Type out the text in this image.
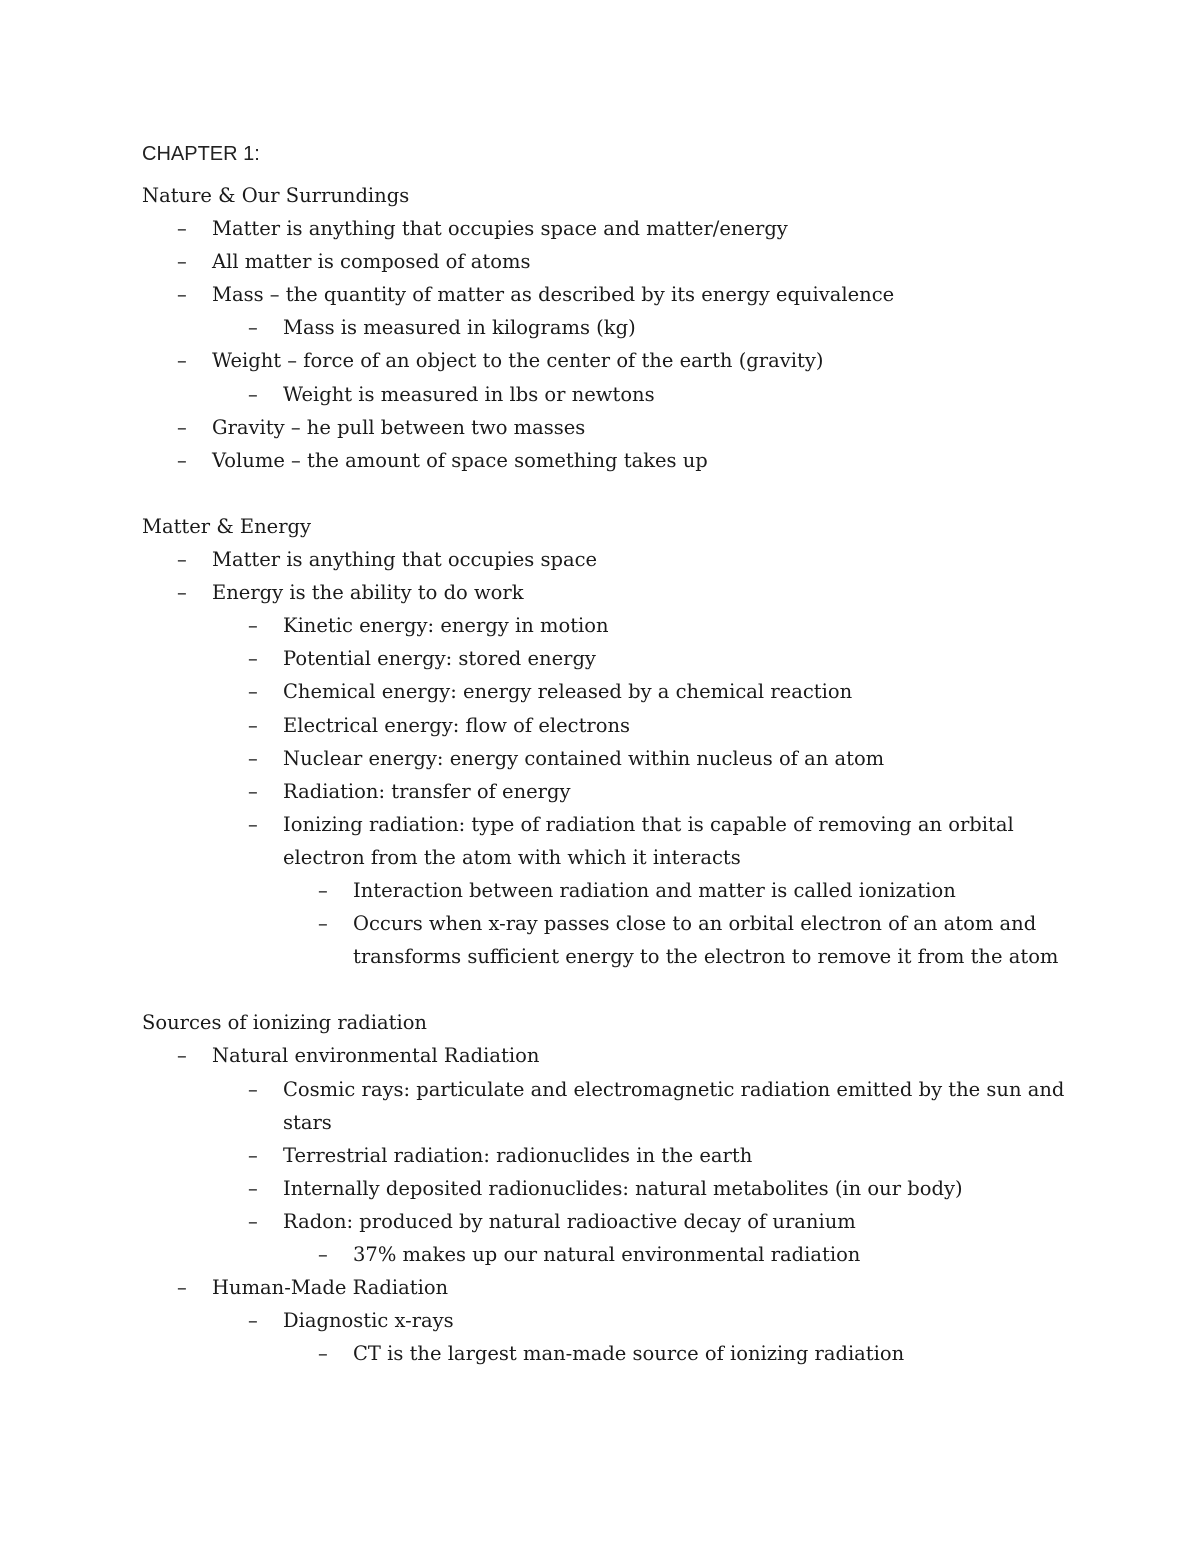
CHAPTER 1:
Nature & Our Surrundings
– Matter is anything that occupies space and matter/energy
– All matter is composed of atoms
– Mass – the quantity of matter as described by its energy equivalence
– Mass is measured in kilograms (kg)
– Weight – force of an object to the center of the earth (gravity)
– Weight is measured in lbs or newtons
– Gravity – he pull between two masses
– Volume – the amount of space something takes up
Matter & Energy
– Matter is anything that occupies space
– Energy is the ability to do work
– Kinetic energy: energy in motion
– Potential energy: stored energy
– Chemical energy: energy released by a chemical reaction
– Electrical energy: flow of electrons
– Nuclear energy: energy contained within nucleus of an atom
– Radiation: transfer of energy
– Ionizing radiation: type of radiation that is capable of removing an orbital electron from the atom with which it interacts
– Interaction between radiation and matter is called ionization
– Occurs when x-ray passes close to an orbital electron of an atom and transforms sufficient energy to the electron to remove it from the atom
Sources of ionizing radiation
– Natural environmental Radiation
– Cosmic rays: particulate and electromagnetic radiation emitted by the sun and stars
– Terrestrial radiation: radionuclides in the earth
– Internally deposited radionuclides: natural metabolites (in our body)
– Radon: produced by natural radioactive decay of uranium
– 37% makes up our natural environmental radiation
– Human-Made Radiation
– Diagnostic x-rays
– CT is the largest man-made source of ionizing radiation
